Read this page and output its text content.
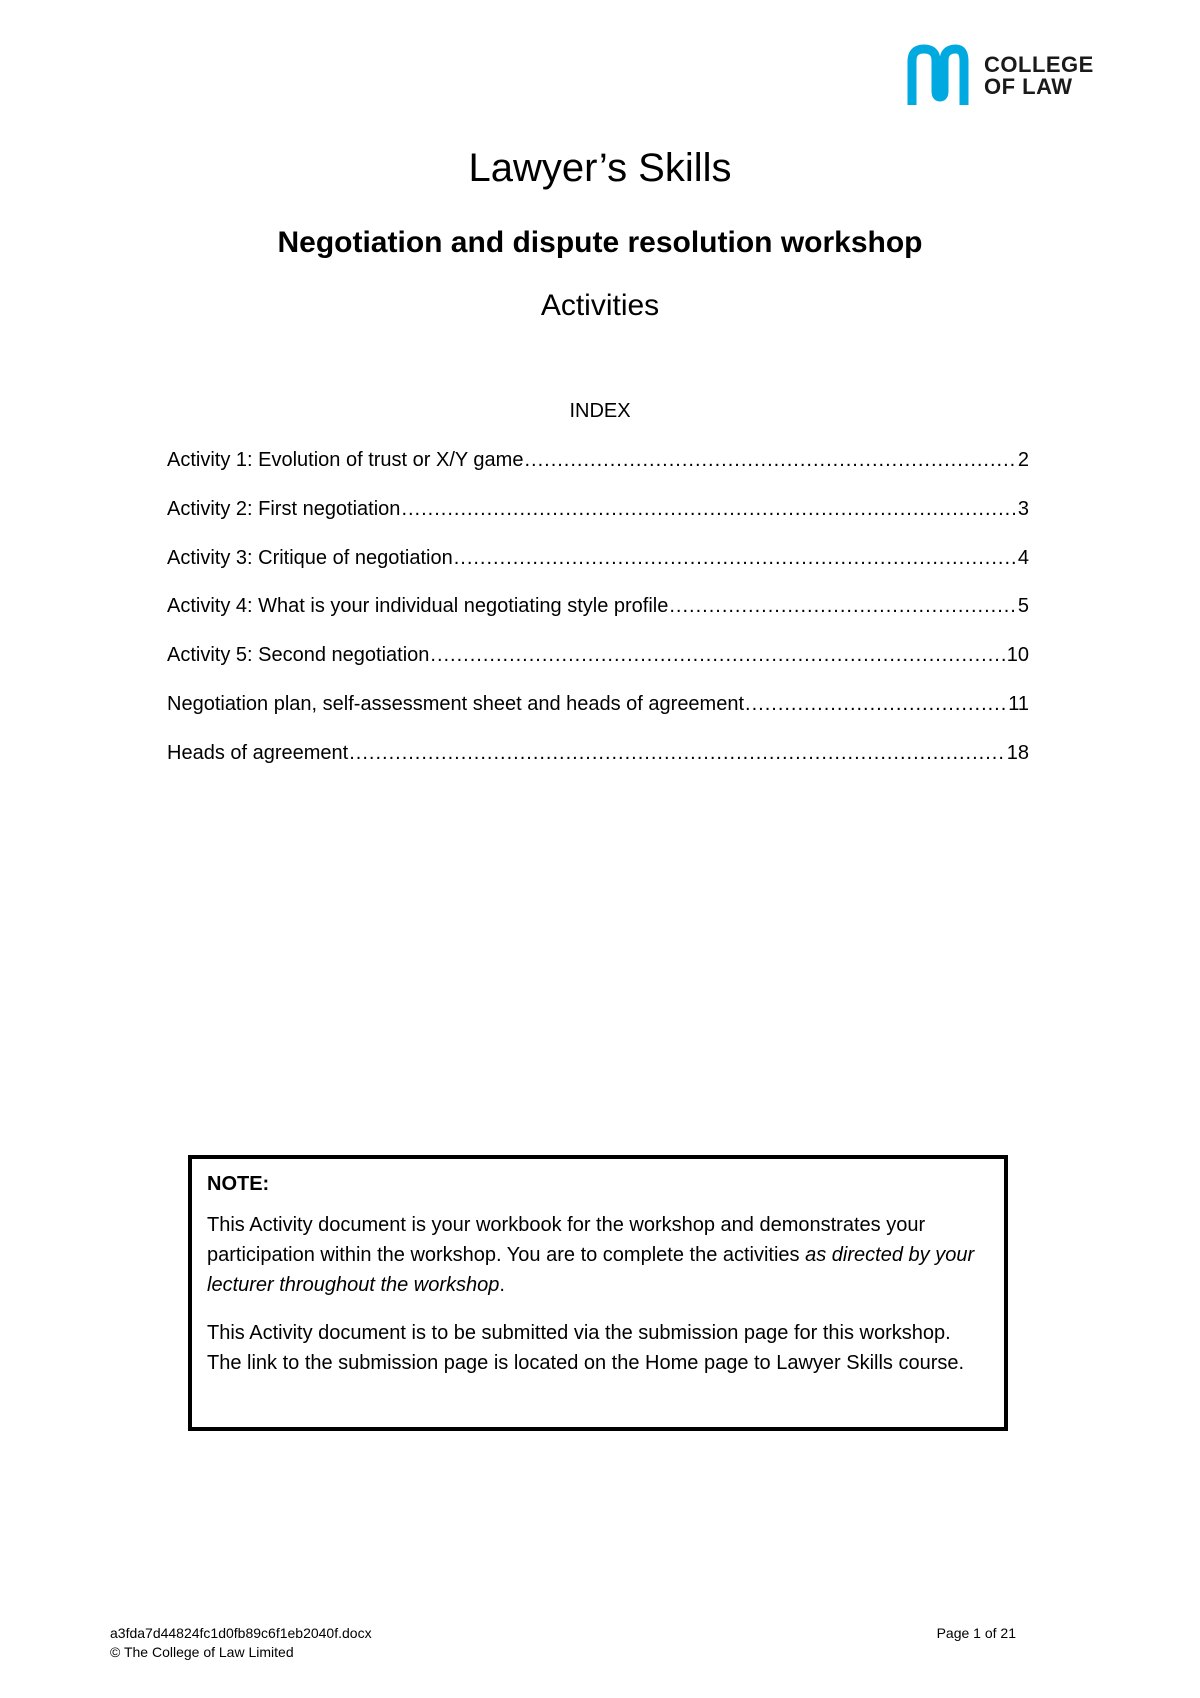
COLLEGE
OF LAW
Lawyer’s Skills
Negotiation and dispute resolution workshop
Activities
INDEX
Activity 1: Evolution of trust or X/Y game .....	2
Activity 2: First negotiation .....	3
Activity 3: Critique of negotiation .....	4
Activity 4: What is your individual negotiating style profile .....	5
Activity 5: Second negotiation .....	10
Negotiation plan, self-assessment sheet and heads of agreement .....	11
Heads of agreement .....	18
NOTE:

This Activity document is your workbook for the workshop and demonstrates your participation within the workshop. You are to complete the activities as directed by your lecturer throughout the workshop.

This Activity document is to be submitted via the submission page for this workshop. The link to the submission page is located on the Home page to Lawyer Skills course.

a3fda7d44824fc1d0fb89c6f1eb2040f.docx
© The College of Law Limited
Page 1 of 21
